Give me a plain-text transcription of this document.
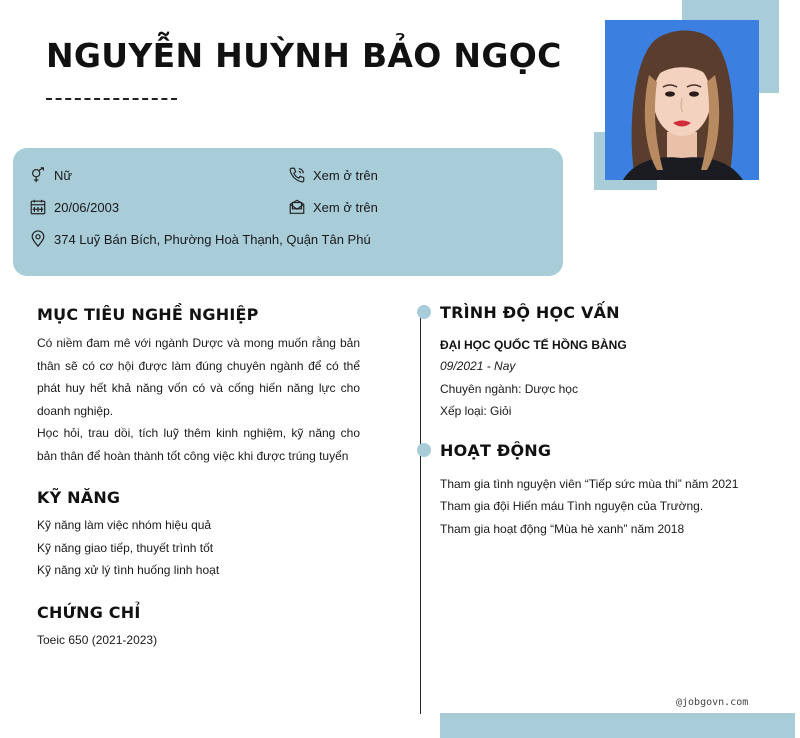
NGUYỄN HUỲNH BẢO NGỌC
Nữ	Xem ở trên
20/06/2003	Xem ở trên
374 Luỹ Bán Bích, Phường Hoà Thạnh, Quận Tân Phú
MỤC TIÊU NGHỀ NGHIỆP
Có niềm đam mê với ngành Dược và mong muốn rằng bản thân sẽ có cơ hội được làm đúng chuyên ngành để có thể phát huy hết khả năng vốn có và cống hiến năng lực cho doanh nghiệp.
Học hỏi, trau dồi, tích luỹ thêm kinh nghiệm, kỹ năng cho bản thân để hoàn thành tốt công việc khi được trúng tuyển
KỸ NĂNG
Kỹ năng làm việc nhóm hiệu quả
Kỹ năng giao tiếp, thuyết trình tốt
Kỹ năng xử lý tình huống linh hoạt
CHỨNG CHỈ
Toeic 650 (2021-2023)
TRÌNH ĐỘ HỌC VẤN
ĐẠI HỌC QUỐC TẾ HỒNG BÀNG
09/2021 - Nay
Chuyên ngành: Dược học
Xếp loại: Giỏi
HOẠT ĐỘNG
Tham gia tình nguyện viên “Tiếp sức mùa thi” năm 2021
Tham gia đội Hiến máu Tình nguyện của Trường.
Tham gia hoạt động “Mùa hè xanh” năm 2018
@jobgovn.com
